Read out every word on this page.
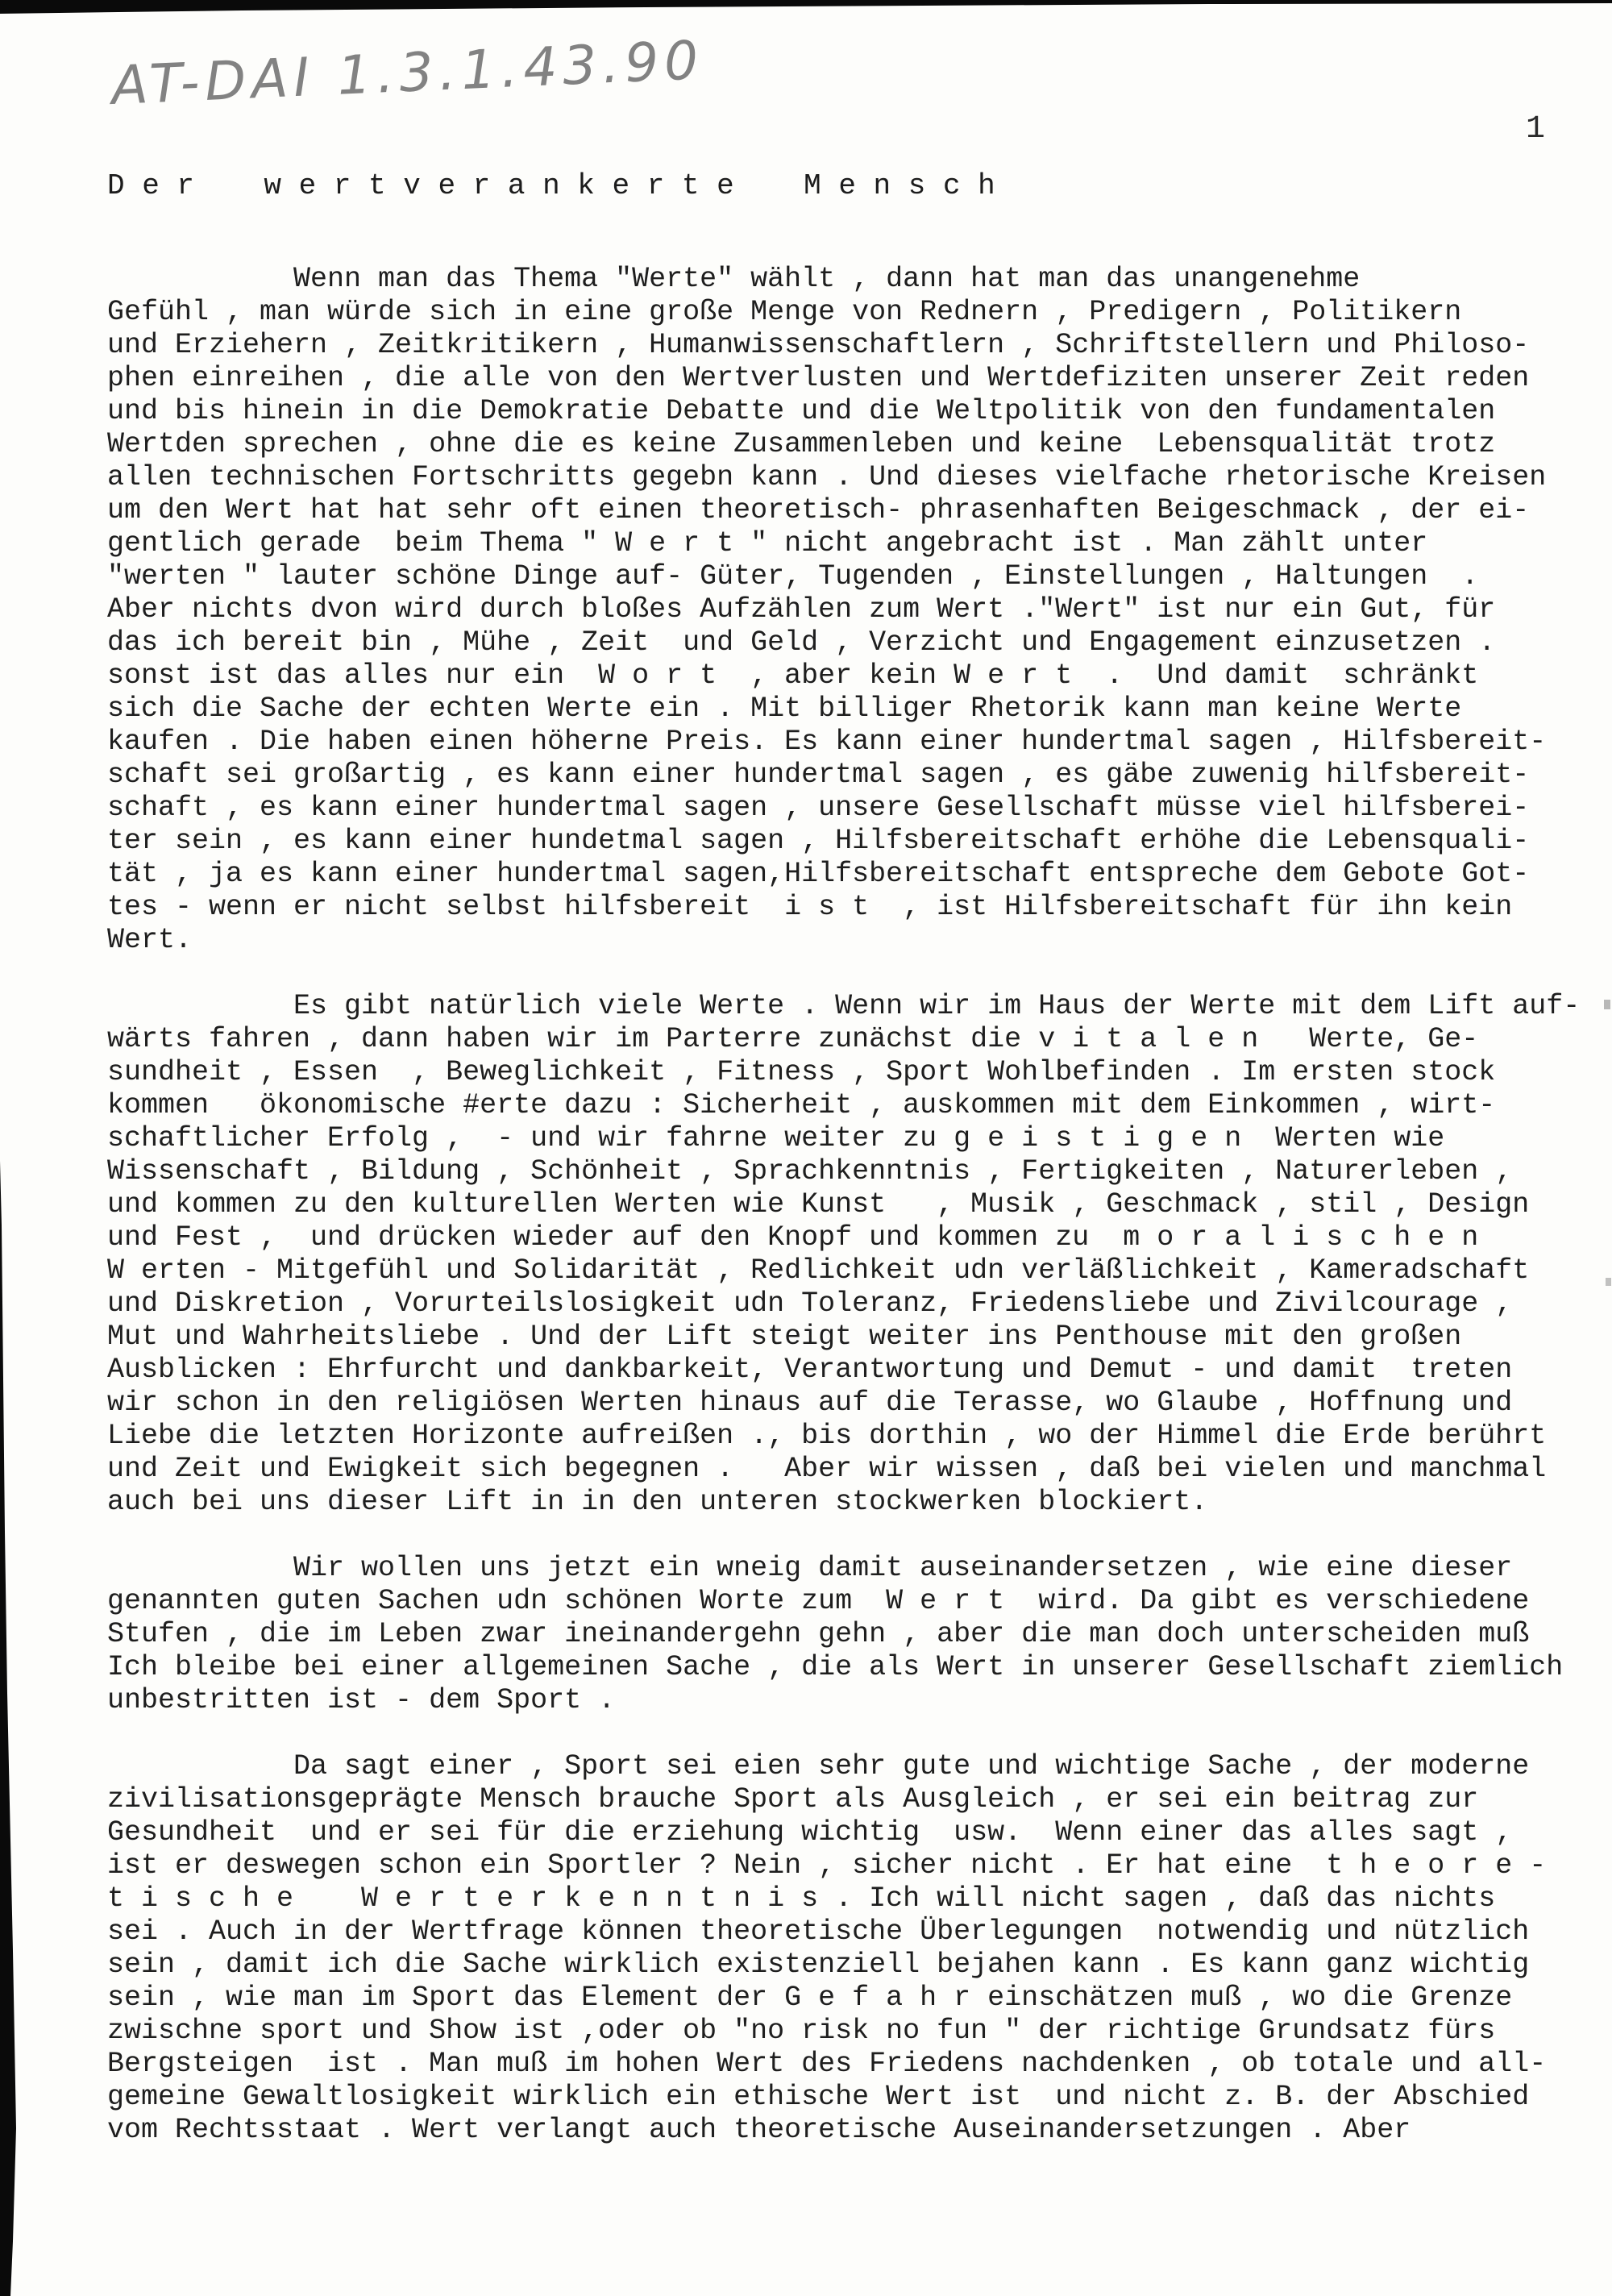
AT-DAI 1.3.1.43.90
1
D e r    w e r t v e r a n k e r t e    M e n s c h
Wenn man das Thema "Werte" wählt , dann hat man das unangenehme
Gefühl , man würde sich in eine große Menge von Rednern , Predigern , Politikern
und Erziehern , Zeitkritikern , Humanwissenschaftlern , Schriftstellern und Philoso-
phen einreihen , die alle von den Wertverlusten und Wertdefiziten unserer Zeit reden
und bis hinein in die Demokratie Debatte und die Weltpolitik von den fundamentalen
Wertden sprechen , ohne die es keine Zusammenleben und keine  Lebensqualität trotz
allen technischen Fortschritts gegebn kann . Und dieses vielfache rhetorische Kreisen
um den Wert hat hat sehr oft einen theoretisch- phrasenhaften Beigeschmack , der ei-
gentlich gerade  beim Thema " W e r t " nicht angebracht ist . Man zählt unter
"werten " lauter schöne Dinge auf- Güter, Tugenden , Einstellungen , Haltungen  .
Aber nichts dvon wird durch bloßes Aufzählen zum Wert ."Wert" ist nur ein Gut, für
das ich bereit bin , Mühe , Zeit  und Geld , Verzicht und Engagement einzusetzen .
sonst ist das alles nur ein  W o r t  , aber kein W e r t  .  Und damit  schränkt
sich die Sache der echten Werte ein . Mit billiger Rhetorik kann man keine Werte
kaufen . Die haben einen höherne Preis. Es kann einer hundertmal sagen , Hilfsbereit-
schaft sei großartig , es kann einer hundertmal sagen , es gäbe zuwenig hilfsbereit-
schaft , es kann einer hundertmal sagen , unsere Gesellschaft müsse viel hilfsberei-
ter sein , es kann einer hundetmal sagen , Hilfsbereitschaft erhöhe die Lebensquali-
tät , ja es kann einer hundertmal sagen,Hilfsbereitschaft entspreche dem Gebote Got-
tes - wenn er nicht selbst hilfsbereit  i s t  , ist Hilfsbereitschaft für ihn kein
Wert.
Es gibt natürlich viele Werte . Wenn wir im Haus der Werte mit dem Lift auf-
wärts fahren , dann haben wir im Parterre zunächst die v i t a l e n   Werte, Ge-
sundheit , Essen  , Beweglichkeit , Fitness , Sport Wohlbefinden . Im ersten stock
kommen   ökonomische #erte dazu : Sicherheit , auskommen mit dem Einkommen , wirt-
schaftlicher Erfolg ,  - und wir fahrne weiter zu g e i s t i g e n  Werten wie
Wissenschaft , Bildung , Schönheit , Sprachkenntnis , Fertigkeiten , Naturerleben ,
und kommen zu den kulturellen Werten wie Kunst   , Musik , Geschmack , stil , Design
und Fest ,  und drücken wieder auf den Knopf und kommen zu  m o r a l i s c h e n
W erten - Mitgefühl und Solidarität , Redlichkeit udn verläßlichkeit , Kameradschaft
und Diskretion , Vorurteilslosigkeit udn Toleranz, Friedensliebe und Zivilcourage ,
Mut und Wahrheitsliebe . Und der Lift steigt weiter ins Penthouse mit den großen
Ausblicken : Ehrfurcht und dankbarkeit, Verantwortung und Demut - und damit  treten
wir schon in den religiösen Werten hinaus auf die Terasse, wo Glaube , Hoffnung und
Liebe die letzten Horizonte aufreißen ., bis dorthin , wo der Himmel die Erde berührt
und Zeit und Ewigkeit sich begegnen .   Aber wir wissen , daß bei vielen und manchmal
auch bei uns dieser Lift in in den unteren stockwerken blockiert.
Wir wollen uns jetzt ein wneig damit auseinandersetzen , wie eine dieser
genannten guten Sachen udn schönen Worte zum  W e r t  wird. Da gibt es verschiedene
Stufen , die im Leben zwar ineinandergehn gehn , aber die man doch unterscheiden muß
Ich bleibe bei einer allgemeinen Sache , die als Wert in unserer Gesellschaft ziemlich
unbestritten ist - dem Sport .
Da sagt einer , Sport sei eien sehr gute und wichtige Sache , der moderne
zivilisationsgeprägte Mensch brauche Sport als Ausgleich , er sei ein beitrag zur
Gesundheit  und er sei für die erziehung wichtig  usw.  Wenn einer das alles sagt ,
ist er deswegen schon ein Sportler ? Nein , sicher nicht . Er hat eine  t h e o r e -
t i s c h e    W e r t e r k e n n t n i s . Ich will nicht sagen , daß das nichts
sei . Auch in der Wertfrage können theoretische Überlegungen  notwendig und nützlich
sein , damit ich die Sache wirklich existenziell bejahen kann . Es kann ganz wichtig
sein , wie man im Sport das Element der G e f a h r einschätzen muß , wo die Grenze
zwischne sport und Show ist ,oder ob "no risk no fun " der richtige Grundsatz fürs
Bergsteigen  ist . Man muß im hohen Wert des Friedens nachdenken , ob totale und all-
gemeine Gewaltlosigkeit wirklich ein ethische Wert ist  und nicht z. B. der Abschied
vom Rechtsstaat . Wert verlangt auch theoretische Auseinandersetzungen . Aber
